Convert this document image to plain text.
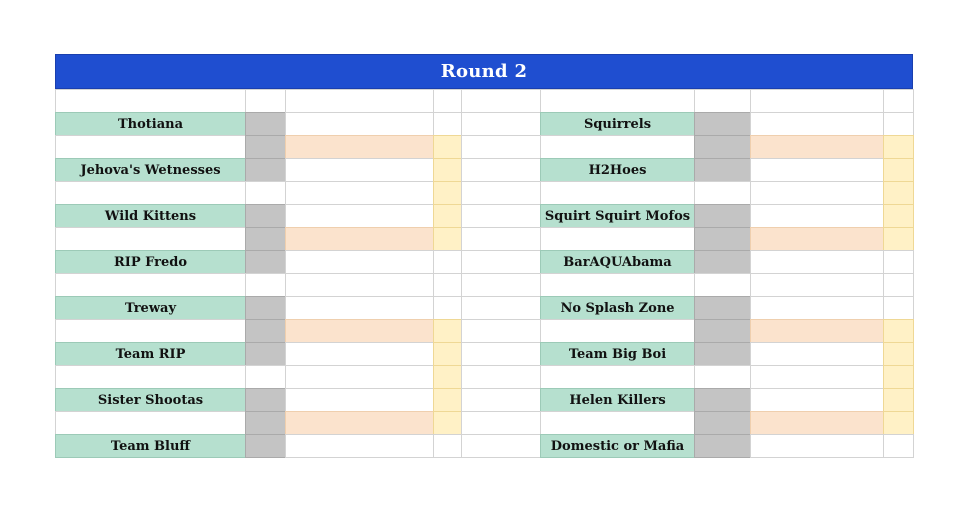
Round 2
Thotiana	Squirrels
Jehova's Wetnesses	H2Hoes
Wild Kittens	Squirt Squirt Mofos
RIP Fredo	BarAQUAbama
Treway	No Splash Zone
Team RIP	Team Big Boi
Sister Shootas	Helen Killers
Team Bluff	Domestic or Mafia
